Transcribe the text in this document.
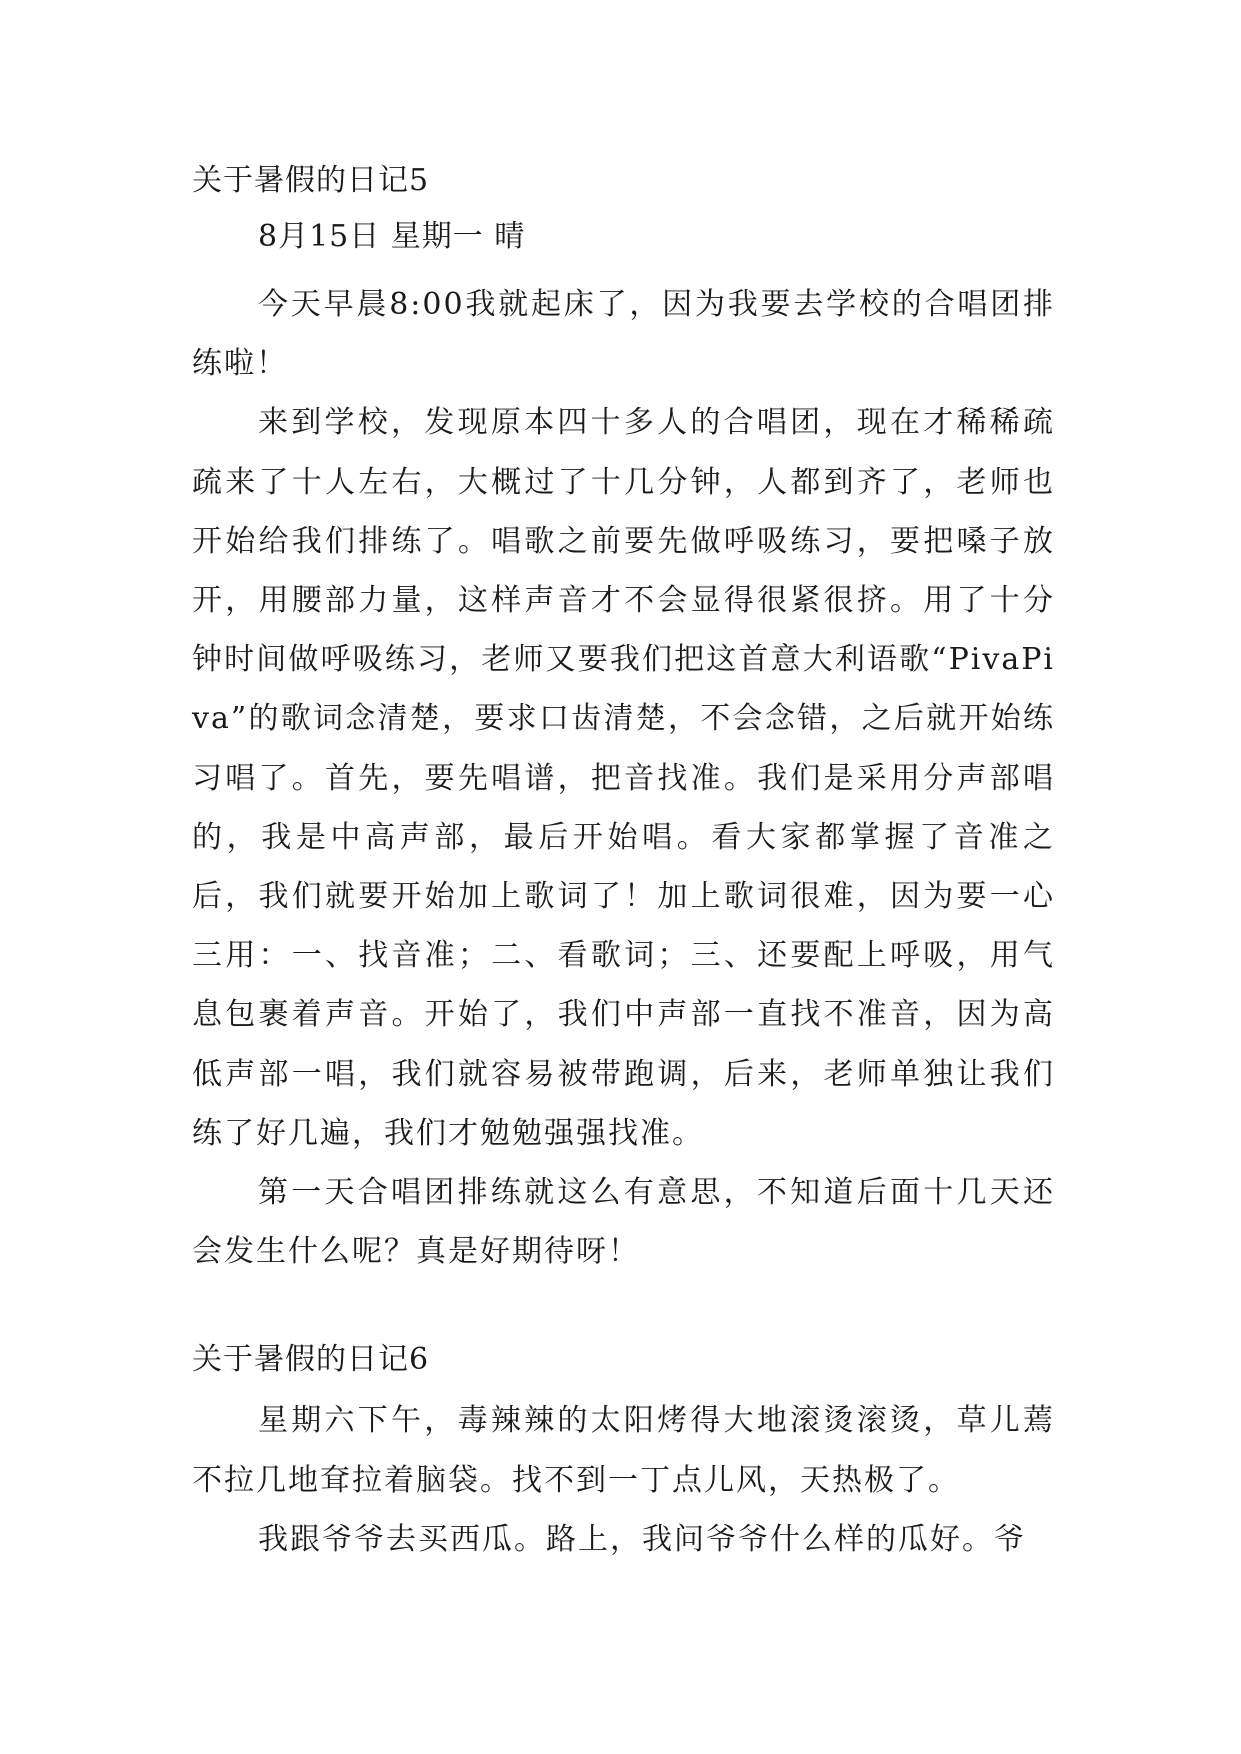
关于暑假的日记5
8月15日 星期一 晴

今天早晨8:00我就起床了，因为我要去学校的合唱团排练啦！

来到学校，发现原本四十多人的合唱团，现在才稀稀疏疏来了十人左右，大概过了十几分钟，人都到齐了，老师也开始给我们排练了。唱歌之前要先做呼吸练习，要把嗓子放开，用腰部力量，这样声音才不会显得很紧很挤。用了十分钟时间做呼吸练习，老师又要我们把这首意大利语歌“PivaPiva”的歌词念清楚，要求口齿清楚，不会念错，之后就开始练习唱了。首先，要先唱谱，把音找准。我们是采用分声部唱的，我是中高声部，最后开始唱。看大家都掌握了音准之后，我们就要开始加上歌词了！加上歌词很难，因为要一心三用：一、找音准；二、看歌词；三、还要配上呼吸，用气息包裹着声音。开始了，我们中声部一直找不准音，因为高低声部一唱，我们就容易被带跑调，后来，老师单独让我们练了好几遍，我们才勉勉强强找准。

第一天合唱团排练就这么有意思，不知道后面十几天还会发生什么呢？真是好期待呀！

关于暑假的日记6

星期六下午，毒辣辣的太阳烤得大地滚烫滚烫，草儿蔫不拉几地耷拉着脑袋。找不到一丁点儿风，天热极了。

我跟爷爷去买西瓜。路上，我问爷爷什么样的瓜好。爷
